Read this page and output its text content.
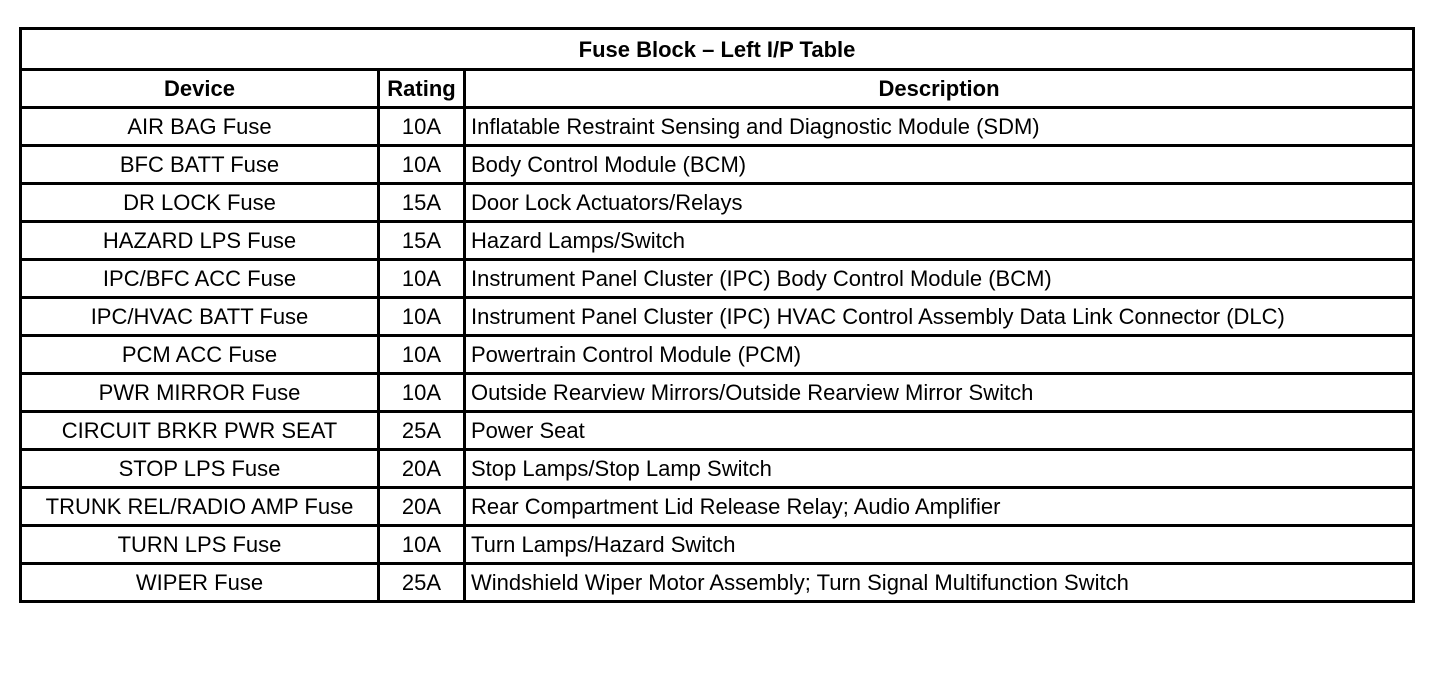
Fuse Block – Left I/P Table		
Device	Rating	Description
AIR BAG Fuse	10A	Inflatable Restraint Sensing and Diagnostic Module (SDM)
BFC BATT Fuse	10A	Body Control Module (BCM)
DR LOCK Fuse	15A	Door Lock Actuators/Relays
HAZARD LPS Fuse	15A	Hazard Lamps/Switch
IPC/BFC ACC Fuse	10A	Instrument Panel Cluster (IPC) Body Control Module (BCM)
IPC/HVAC BATT Fuse	10A	Instrument Panel Cluster (IPC) HVAC Control Assembly Data Link Connector (DLC)
PCM ACC Fuse	10A	Powertrain Control Module (PCM)
PWR MIRROR Fuse	10A	Outside Rearview Mirrors/Outside Rearview Mirror Switch
CIRCUIT BRKR PWR SEAT	25A	Power Seat
STOP LPS Fuse	20A	Stop Lamps/Stop Lamp Switch
TRUNK REL/RADIO AMP Fuse	20A	Rear Compartment Lid Release Relay; Audio Amplifier
TURN LPS Fuse	10A	Turn Lamps/Hazard Switch
WIPER Fuse	25A	Windshield Wiper Motor Assembly; Turn Signal Multifunction Switch
